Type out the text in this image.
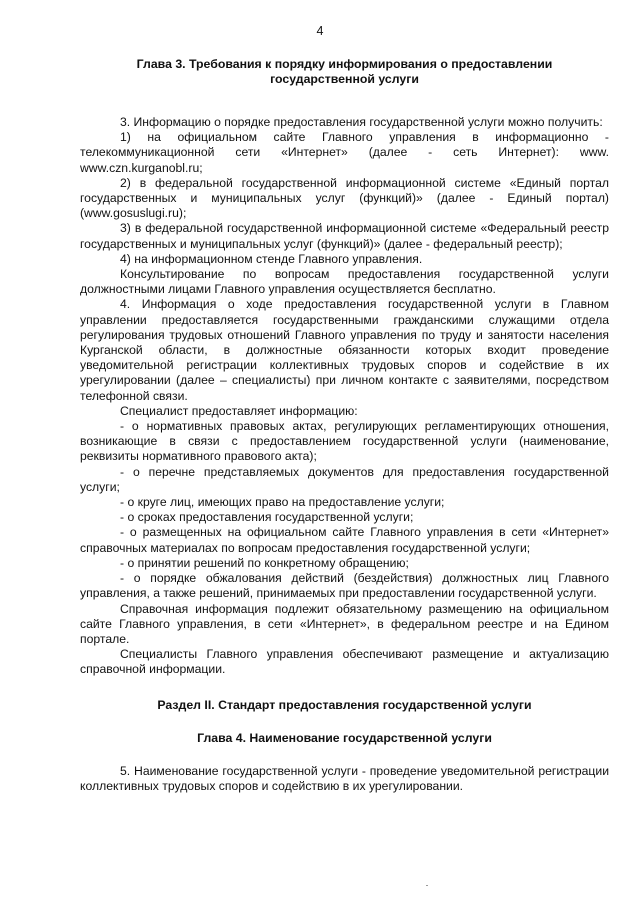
4
Глава 3. Требования к порядку информирования о предоставлении государственной услуги

3. Информацию о порядке предоставления государственной услуги можно получить:

1) на официальном сайте Главного управления в информационно - телекоммуникационной сети «Интернет» (далее - сеть Интернет): www. www.czn.kurganobl.ru;

2) в федеральной государственной информационной системе «Единый портал государственных и муниципальных услуг (функций)» (далее - Единый портал) (www.gosuslugi.ru);

3) в федеральной государственной информационной системе «Федеральный реестр государственных и муниципальных услуг (функций)» (далее - федеральный реестр);

4) на информационном стенде Главного управления.

Консультирование по вопросам предоставления государственной услуги должностными лицами Главного управления осуществляется бесплатно.

4. Информация о ходе предоставления государственной услуги в Главном управлении предоставляется государственными гражданскими служащими отдела регулирования трудовых отношений Главного управления по труду и занятости населения Курганской области, в должностные обязанности которых входит проведение уведомительной регистрации коллективных трудовых споров и содействие в их урегулировании (далее – специалисты) при личном контакте с заявителями, посредством телефонной связи.

Специалист предоставляет информацию:

- о нормативных правовых актах, регулирующих регламентирующих отношения, возникающие в связи с предоставлением государственной услуги (наименование, реквизиты нормативного правового акта);

- о перечне представляемых документов для предоставления государственной услуги;

- о круге лиц, имеющих право на предоставление услуги;

- о сроках предоставления государственной услуги;

- о размещенных на официальном сайте Главного управления в сети «Интернет» справочных материалах по вопросам предоставления государственной услуги;

- о принятии решений по конкретному обращению;

- о порядке обжалования действий (бездействия) должностных лиц Главного управления, а также решений, принимаемых при предоставлении государственной услуги.

Справочная информация подлежит обязательному размещению на официальном сайте Главного управления, в сети «Интернет», в федеральном реестре и на Едином портале.

Специалисты Главного управления обеспечивают размещение и актуализацию справочной информации.

Раздел II. Стандарт предоставления государственной услуги
Глава 4. Наименование государственной услуги

5. Наименование государственной услуги - проведение уведомительной регистрации коллективных трудовых споров и содействию в их урегулировании.
